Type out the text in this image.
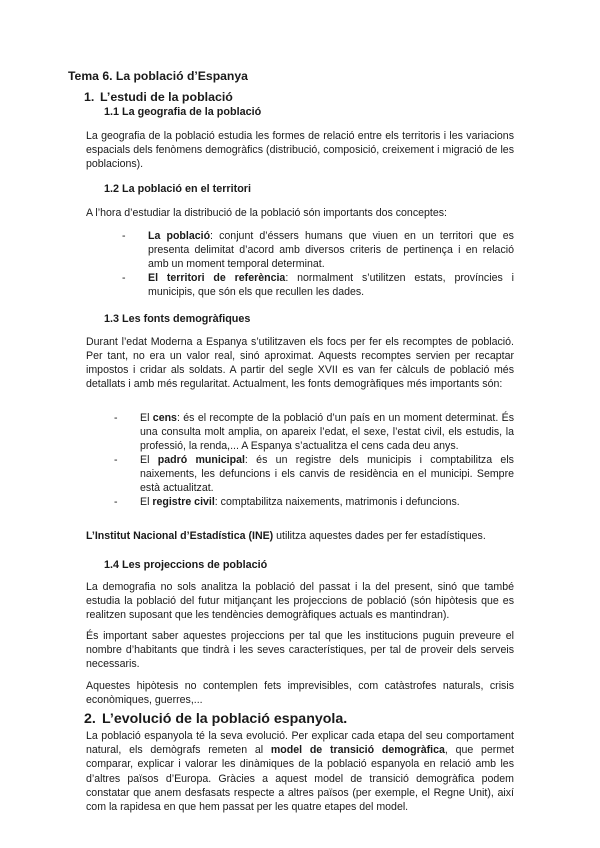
Tema 6. La població d’Espanya
1. L’estudi de la població
1.1 La geografia de la població
La geografia de la població estudia les formes de relació entre els territoris i les variacions espacials dels fenòmens demogràfics (distribució, composició, creixement i migració de les poblacions).
1.2 La població en el territori
A l’hora d’estudiar la distribució de la població són importants dos conceptes:
- La població: conjunt d’éssers humans que viuen en un territori que es presenta delimitat d’acord amb diversos criteris de pertinença i en relació amb un moment temporal determinat.
- El territori de referència: normalment s’utilitzen estats, províncies i municipis, que són els que recullen les dades.
1.3 Les fonts demogràfiques
Durant l’edat Moderna a Espanya s’utilitzaven els focs per fer els recomptes de població. Per tant, no era un valor real, sinó aproximat. Aquests recomptes servien per recaptar impostos i cridar als soldats. A partir del segle XVII es van fer càlculs de població més detallats i amb més regularitat. Actualment, les fonts demogràfiques més importants són:
- El cens: és el recompte de la població d’un país en un moment determinat. És una consulta molt amplia, on apareix l’edat, el sexe, l’estat civil, els estudis, la professió, la renda,... A Espanya s’actualitza el cens cada deu anys.
- El padró municipal: és un registre dels municipis i comptabilitza els naixements, les defuncions i els canvis de residència en el municipi. Sempre està actualitzat.
- El registre civil: comptabilitza naixements, matrimonis i defuncions.
L’Institut Nacional d’Estadística (INE) utilitza aquestes dades per fer estadístiques.
1.4 Les projeccions de població
La demografia no sols analitza la població del passat i la del present, sinó que també estudia la població del futur mitjançant les projeccions de població (són hipòtesis que es realitzen suposant que les tendències demogràfiques actuals es mantindran).
És important saber aquestes projeccions per tal que les institucions puguin preveure el nombre d’habitants que tindrà i les seves característiques, per tal de proveir dels serveis necessaris.
Aquestes hipòtesis no contemplen fets imprevisibles, com catàstrofes naturals, crisis econòmiques, guerres,...
2. L’evolució de la població espanyola.
La població espanyola té la seva evolució. Per explicar cada etapa del seu comportament natural, els demògrafs remeten al model de transició demogràfica, que permet comparar, explicar i valorar les dinàmiques de la població espanyola en relació amb les d’altres països d’Europa. Gràcies a aquest model de transició demogràfica podem constatar que anem desfasats respecte a altres països (per exemple, el Regne Unit), així com la rapidesa en que hem passat per les quatre etapes del model.
